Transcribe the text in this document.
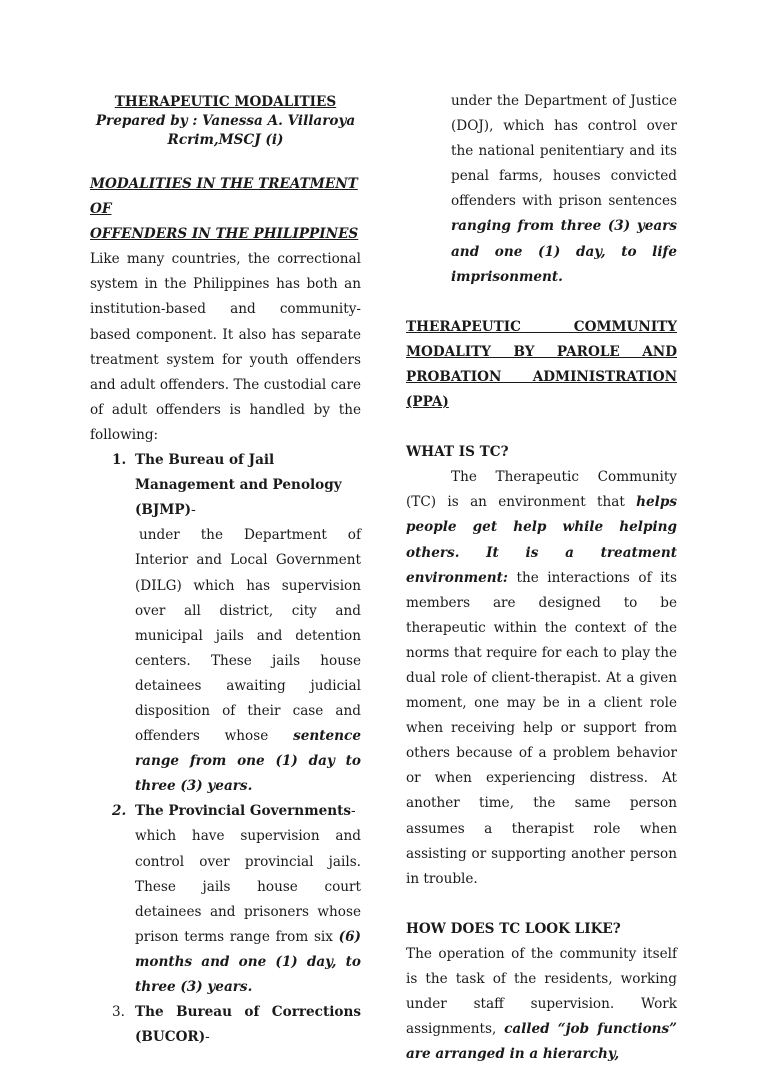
THERAPEUTIC MODALITIES
Prepared by : Vanessa A. Villaroya
Rcrim,MSCJ (i)
MODALITIES IN THE TREATMENT OF
OFFENDERS IN THE PHILIPPINES

Like many countries, the correctional system in the Philippines has both an institution-based and community-based component. It also has separate treatment system for youth offenders and adult offenders. The custodial care of adult offenders is handled by the following:

1. The Bureau of Jail Management and Penology (BJMP)-

under the Department of Interior and Local Government (DILG) which has supervision over all district, city and municipal jails and detention centers. These jails house detainees awaiting judicial disposition of their case and offenders whose sentence range from one (1) day to three (3) years.

2. The Provincial Governments-

which have supervision and control over provincial jails. These jails house court detainees and prisoners whose prison terms range from six (6) months and one (1) day, to three (3) years.

3. The Bureau of Corrections (BUCOR)-

under the Department of Justice (DOJ), which has control over the national penitentiary and its penal farms, houses convicted offenders with prison sentences ranging from three (3) years and one (1) day, to life imprisonment.

THERAPEUTIC COMMUNITY MODALITY BY PAROLE AND PROBATION ADMINISTRATION (PPA)

WHAT IS TC?

The Therapeutic Community (TC) is an environment that helps people get help while helping others. It is a treatment environment: the interactions of its members are designed to be therapeutic within the context of the norms that require for each to play the dual role of client-therapist. At a given moment, one may be in a client role when receiving help or support from others because of a problem behavior or when experiencing distress. At another time, the same person assumes a therapist role when assisting or supporting another person in trouble.

HOW DOES TC LOOK LIKE?

The operation of the community itself is the task of the residents, working under staff supervision. Work assignments, called “job functions” are arranged in a hierarchy,
